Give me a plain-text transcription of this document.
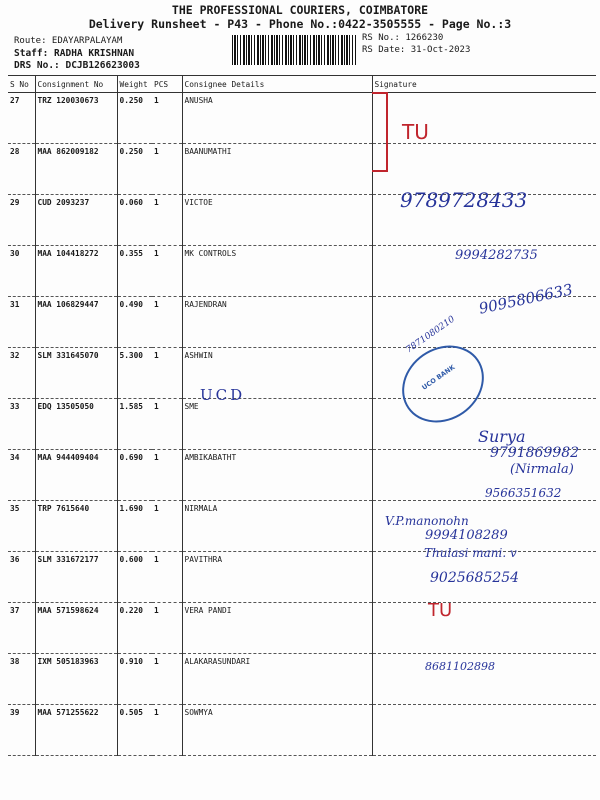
THE PROFESSIONAL COURIERS, COIMBATORE
Delivery Runsheet - P43 - Phone No.:0422-3505555 - Page No.:3
Route: EDAYARPALAYAM
Staff: RADHA KRISHNAN
DRS No.: DCJB126623003
RS No.: 1266230
RS Date: 31-Oct-2023
S No	Consignment No	Weight	PCS	Consignee Details	Signature
27	TRZ 120030673	0.250	1	ANUSHA	
28	MAA 862009182	0.250	1	BAANUMATHI	
29	CUD 2093237	0.060	1	VICTOE	
30	MAA 104418272	0.355	1	MK CONTROLS	
31	MAA 106829447	0.490	1	RAJENDRAN	
32	SLM 331645070	5.300	1	ASHWIN	
33	EDQ 13505050	1.585	1	SME	
34	MAA 944409404	0.690	1	AMBIKABATHT	
35	TRP 7615640	1.690	1	NIRMALA	
36	SLM 331672177	0.600	1	PAVITHRA	
37	MAA 571598624	0.220	1	VERA PANDI	
38	IXM 505183963	0.910	1	ALAKARASUNDARI	
39	MAA 571255622	0.505	1	SOWMYA	
TU
9789728433
9994282735
9095806633
7871080210
UCD
UCO BANK
Surya
9791869982
(Nirmala)
9566351632
V.P.manonohn
9994108289
Thulasi mani. v
9025685254
TU
8681102898
